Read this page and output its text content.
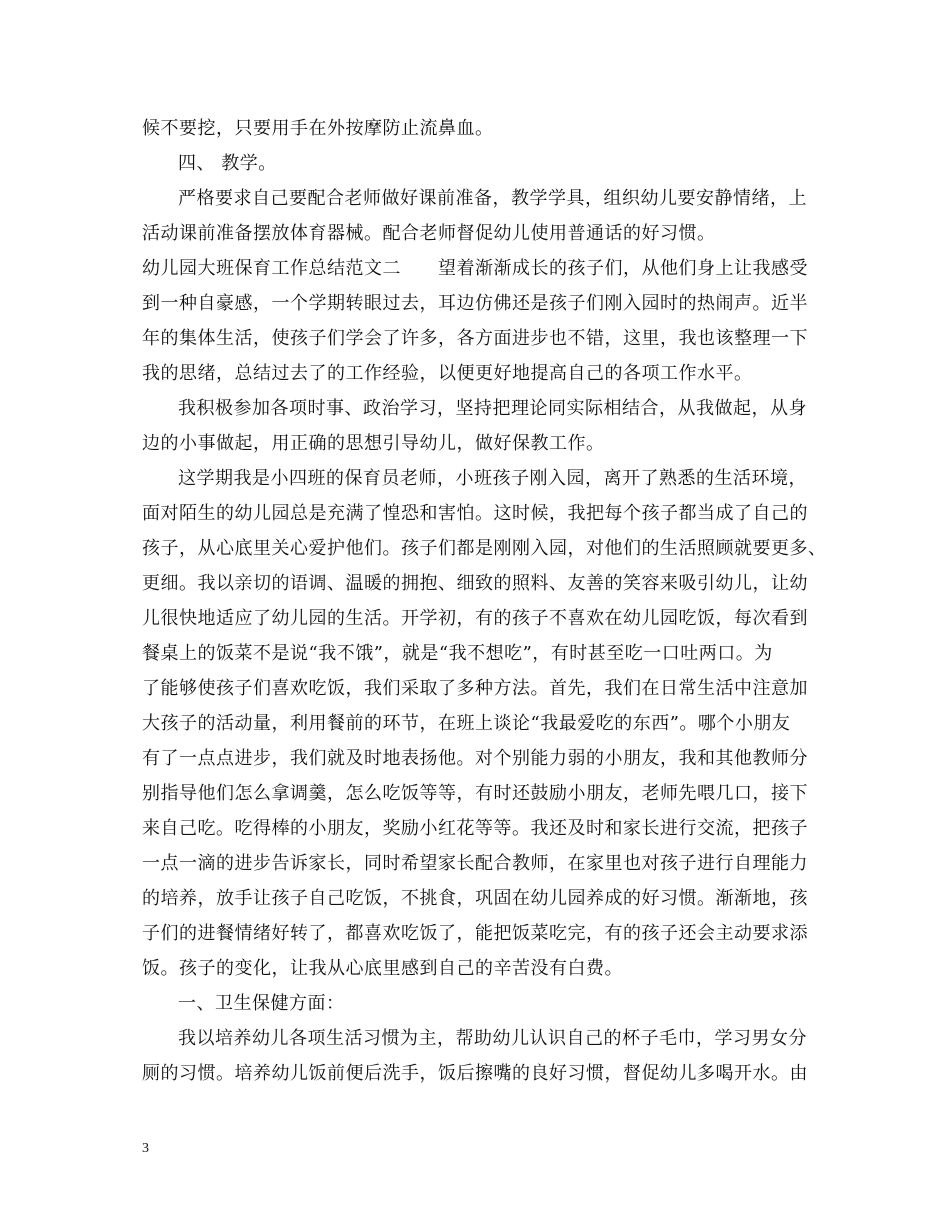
候不要挖，只要用手在外按摩防止流鼻血。
四、 教学。
严格要求自己要配合老师做好课前准备，教学学具，组织幼儿要安静情绪，上
活动课前准备摆放体育器械。配合老师督促幼儿使用普通话的好习惯。
幼儿园大班保育工作总结范文二　　望着渐渐成长的孩子们，从他们身上让我感受
到一种自豪感，一个学期转眼过去，耳边仿佛还是孩子们刚入园时的热闹声。近半
年的集体生活，使孩子们学会了许多，各方面进步也不错，这里，我也该整理一下
我的思绪，总结过去了的工作经验，以便更好地提高自己的各项工作水平。
我积极参加各项时事、政治学习，坚持把理论同实际相结合，从我做起，从身
边的小事做起，用正确的思想引导幼儿，做好保教工作。
这学期我是小四班的保育员老师，小班孩子刚入园，离开了熟悉的生活环境，
面对陌生的幼儿园总是充满了惶恐和害怕。这时候，我把每个孩子都当成了自己的
孩子，从心底里关心爱护他们。孩子们都是刚刚入园，对他们的生活照顾就要更多、
更细。我以亲切的语调、温暖的拥抱、细致的照料、友善的笑容来吸引幼儿，让幼
儿很快地适应了幼儿园的生活。开学初，有的孩子不喜欢在幼儿园吃饭，每次看到
餐桌上的饭菜不是说“我不饿”，就是“我不想吃”，有时甚至吃一口吐两口。为
了能够使孩子们喜欢吃饭，我们采取了多种方法。首先，我们在日常生活中注意加
大孩子的活动量，利用餐前的环节，在班上谈论“我最爱吃的东西”。哪个小朋友
有了一点点进步，我们就及时地表扬他。对个别能力弱的小朋友，我和其他教师分
别指导他们怎么拿调羹，怎么吃饭等等，有时还鼓励小朋友，老师先喂几口，接下
来自己吃。吃得棒的小朋友，奖励小红花等等。我还及时和家长进行交流，把孩子
一点一滴的进步告诉家长，同时希望家长配合教师，在家里也对孩子进行自理能力
的培养，放手让孩子自己吃饭，不挑食，巩固在幼儿园养成的好习惯。渐渐地，孩
子们的进餐情绪好转了，都喜欢吃饭了，能把饭菜吃完，有的孩子还会主动要求添
饭。孩子的变化，让我从心底里感到自己的辛苦没有白费。
一、卫生保健方面：
我以培养幼儿各项生活习惯为主，帮助幼儿认识自己的杯子毛巾，学习男女分
厕的习惯。培养幼儿饭前便后洗手，饭后擦嘴的良好习惯，督促幼儿多喝开水。由
3
